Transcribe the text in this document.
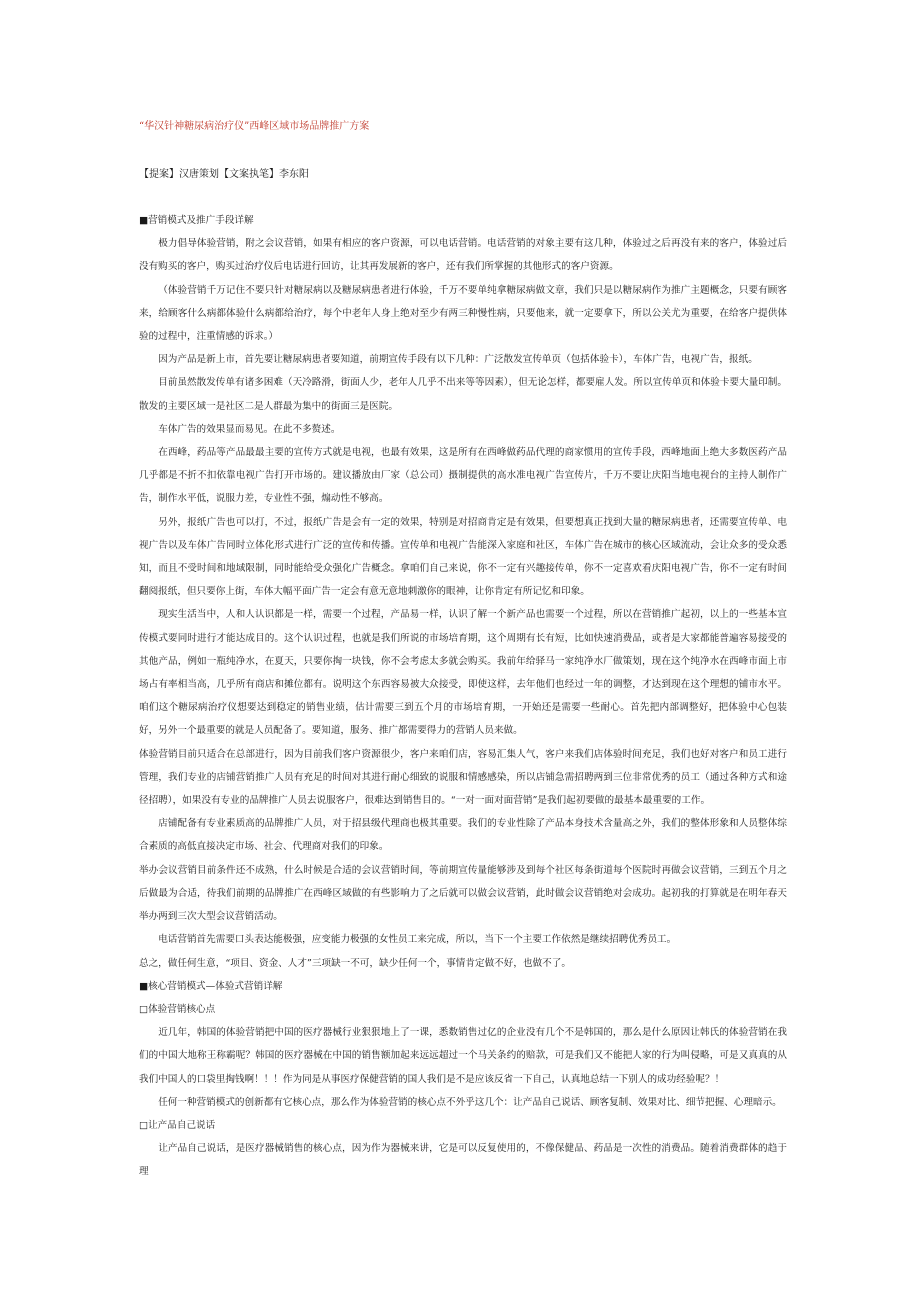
“华汉针神糖尿病治疗仪”西峰区域市场品牌推广方案
【提案】汉唐策划【文案执笔】李东阳

■营销模式及推广手段详解

极力倡导体验营销，附之会议营销，如果有相应的客户资源，可以电话营销。电话营销的对象主要有这几种，体验过之后再没有来的客户，体验过后没有购买的客户，购买过治疗仪后电话进行回访，让其再发展新的客户，还有我们所掌握的其他形式的客户资源。

（体验营销千万记住不要只针对糖尿病以及糖尿病患者进行体验，千万不要单纯拿糖尿病做文章，我们只是以糖尿病作为推广主题概念，只要有顾客来，给顾客什么病都体验什么病都给治疗，每个中老年人身上绝对至少有两三种慢性病，只要他来，就一定要拿下，所以公关尤为重要，在给客户提供体验的过程中，注重情感的诉求。）

因为产品是新上市，首先要让糖尿病患者要知道，前期宣传手段有以下几种：广泛散发宣传单页（包括体验卡），车体广告，电视广告，报纸。

目前虽然散发传单有诸多困难（天冷路滑，街面人少，老年人几乎不出来等等因素），但无论怎样，都要雇人发。所以宣传单页和体验卡要大量印制。散发的主要区域一是社区二是人群最为集中的街面三是医院。

车体广告的效果显而易见。在此不多赘述。

在西峰，药品等产品最最主要的宣传方式就是电视，也最有效果，这是所有在西峰做药品代理的商家惯用的宣传手段，西峰地面上绝大多数医药产品几乎都是不折不扣依靠电视广告打开市场的。建议播放由厂家（总公司）摄制提供的高水准电视广告宣传片，千万不要让庆阳当地电视台的主持人制作广告，制作水平低，说服力差，专业性不强，煽动性不够高。

另外，报纸广告也可以打，不过，报纸广告是会有一定的效果，特别是对招商肯定是有效果，但要想真正找到大量的糖尿病患者，还需要宣传单、电视广告以及车体广告同时立体化形式进行广泛的宣传和传播。宣传单和电视广告能深入家庭和社区，车体广告在城市的核心区域流动，会让众多的受众悉知，而且不受时间和地域限制，同时能给受众强化广告概念。拿咱们自己来说，你不一定有兴趣接传单，你不一定喜欢看庆阳电视广告，你不一定有时间翻阅报纸，但只要你上街，车体大幅平面广告一定会有意无意地刺激你的眼神，让你肯定有所记忆和印象。

现实生活当中，人和人认识都是一样，需要一个过程，产品易一样，认识了解一个新产品也需要一个过程，所以在营销推广起初，以上的一些基本宣传模式要同时进行才能达成目的。这个认识过程，也就是我们所说的市场培育期，这个周期有长有短，比如快速消费品，或者是大家都能普遍容易接受的其他产品，例如一瓶纯净水，在夏天，只要你掏一块钱，你不会考虑太多就会购买。我前年给驿马一家纯净水厂做策划，现在这个纯净水在西峰市面上市场占有率相当高，几乎所有商店和摊位都有。说明这个东西容易被大众接受，即使这样，去年他们也经过一年的调整，才达到现在这个理想的铺市水平。咱们这个糖尿病治疗仪想要达到稳定的销售业绩，估计需要三到五个月的市场培育期，一开始还是需要一些耐心。首先把内部调整好，把体验中心包装好，另外一个最重要的就是人员配备了。要知道，服务、推广都需要得力的营销人员来做。

体验营销目前只适合在总部进行，因为目前我们客户资源很少，客户来咱们店，容易汇集人气，客户来我们店体验时间充足，我们也好对客户和员工进行管理，我们专业的店铺营销推广人员有充足的时间对其进行耐心细致的说服和情感感染，所以店铺急需招聘两到三位非常优秀的员工（通过各种方式和途径招聘），如果没有专业的品牌推广人员去说服客户，很难达到销售目的。“一对一面对面营销”是我们起初要做的最基本最重要的工作。

店铺配备有专业素质高的品牌推广人员，对于招县级代理商也极其重要。我们的专业性除了产品本身技术含量高之外，我们的整体形象和人员整体综合素质的高低直接决定市场、社会、代理商对我们的印象。

举办会议营销目前条件还不成熟，什么时候是合适的会议营销时间，等前期宣传量能够涉及到每个社区每条街道每个医院时再做会议营销，三到五个月之后做最为合适，待我们前期的品牌推广在西峰区域做的有些影响力了之后就可以做会议营销，此时做会议营销绝对会成功。起初我的打算就是在明年春天举办两到三次大型会议营销活动。

电话营销首先需要口头表达能极强，应变能力极强的女性员工来完成，所以，当下一个主要工作依然是继续招聘优秀员工。

总之，做任何生意，“项目、资金、人才”三项缺一不可，缺少任何一个，事情肯定做不好，也做不了。

■核心营销模式—体验式营销详解

□体验营销核心点

近几年，韩国的体验营销把中国的医疗器械行业狠狠地上了一课，悉数销售过亿的企业没有几个不是韩国的，那么是什么原因让韩氏的体验营销在我们的中国大地称王称霸呢？韩国的医疗器械在中国的销售额加起来远远超过一个马关条约的赔款，可是我们又不能把人家的行为叫侵略，可是又真真的从我们中国人的口袋里掏钱啊！！！作为同是从事医疗保健营销的国人我们是不是应该反省一下自己，认真地总结一下别人的成功经验呢？！

任何一种营销模式的创新都有它核心点，那么作为体验营销的核心点不外乎这几个：让产品自己说话、顾客复制、效果对比、细节把握、心理暗示。

□让产品自己说话

让产品自己说话，是医疗器械销售的核心点，因为作为器械来讲，它是可以反复使用的，不像保健品、药品是一次性的消费品。随着消费群体的趋于理
